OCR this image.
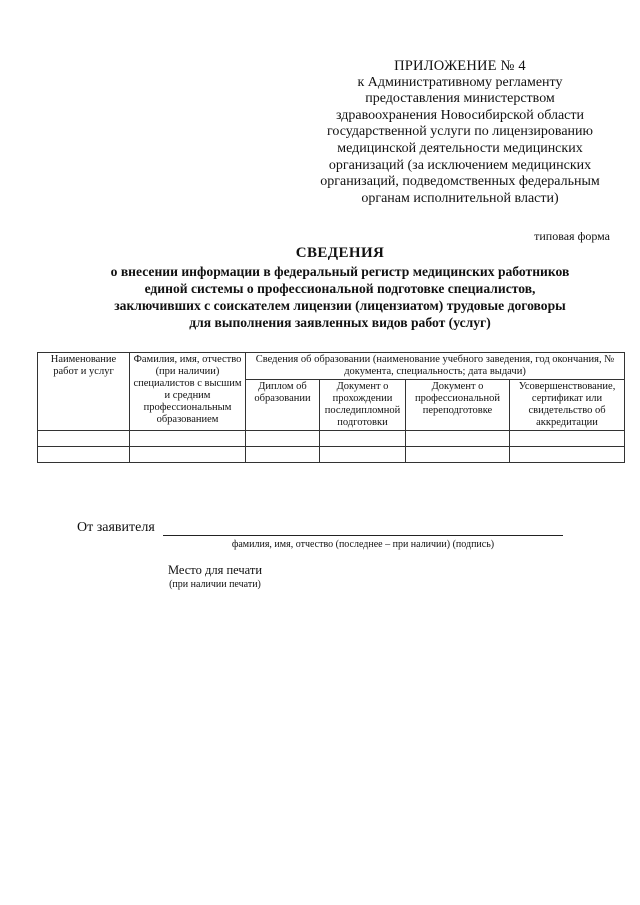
ПРИЛОЖЕНИЕ № 4
к Административному регламенту
предоставления министерством
здравоохранения Новосибирской области
государственной услуги по лицензированию
медицинской деятельности медицинских
организаций (за исключением медицинских
организаций, подведомственных федеральным
органам исполнительной власти)
типовая форма
СВЕДЕНИЯ
о внесении информации в федеральный регистр медицинских работников
единой системы о профессиональной подготовке специалистов,
заключивших с соискателем лицензии (лицензиатом) трудовые договоры
для выполнения заявленных видов работ (услуг)
Наименование работ и услуг	Фамилия, имя, отчество (при наличии) специалистов с высшим и средним профессиональным образованием	Сведения об образовании (наименование учебного заведения, год окончания, № документа, специальность; дата выдачи)			
		Диплом об образовании	Документ о прохождении последипломной подготовки	Документ о профессиональной переподготовке	Усовершенствование, сертификат или свидетельство об аккредитации

От заявителя
фамилия, имя, отчество (последнее – при наличии) (подпись)
Место для печати
(при наличии печати)
